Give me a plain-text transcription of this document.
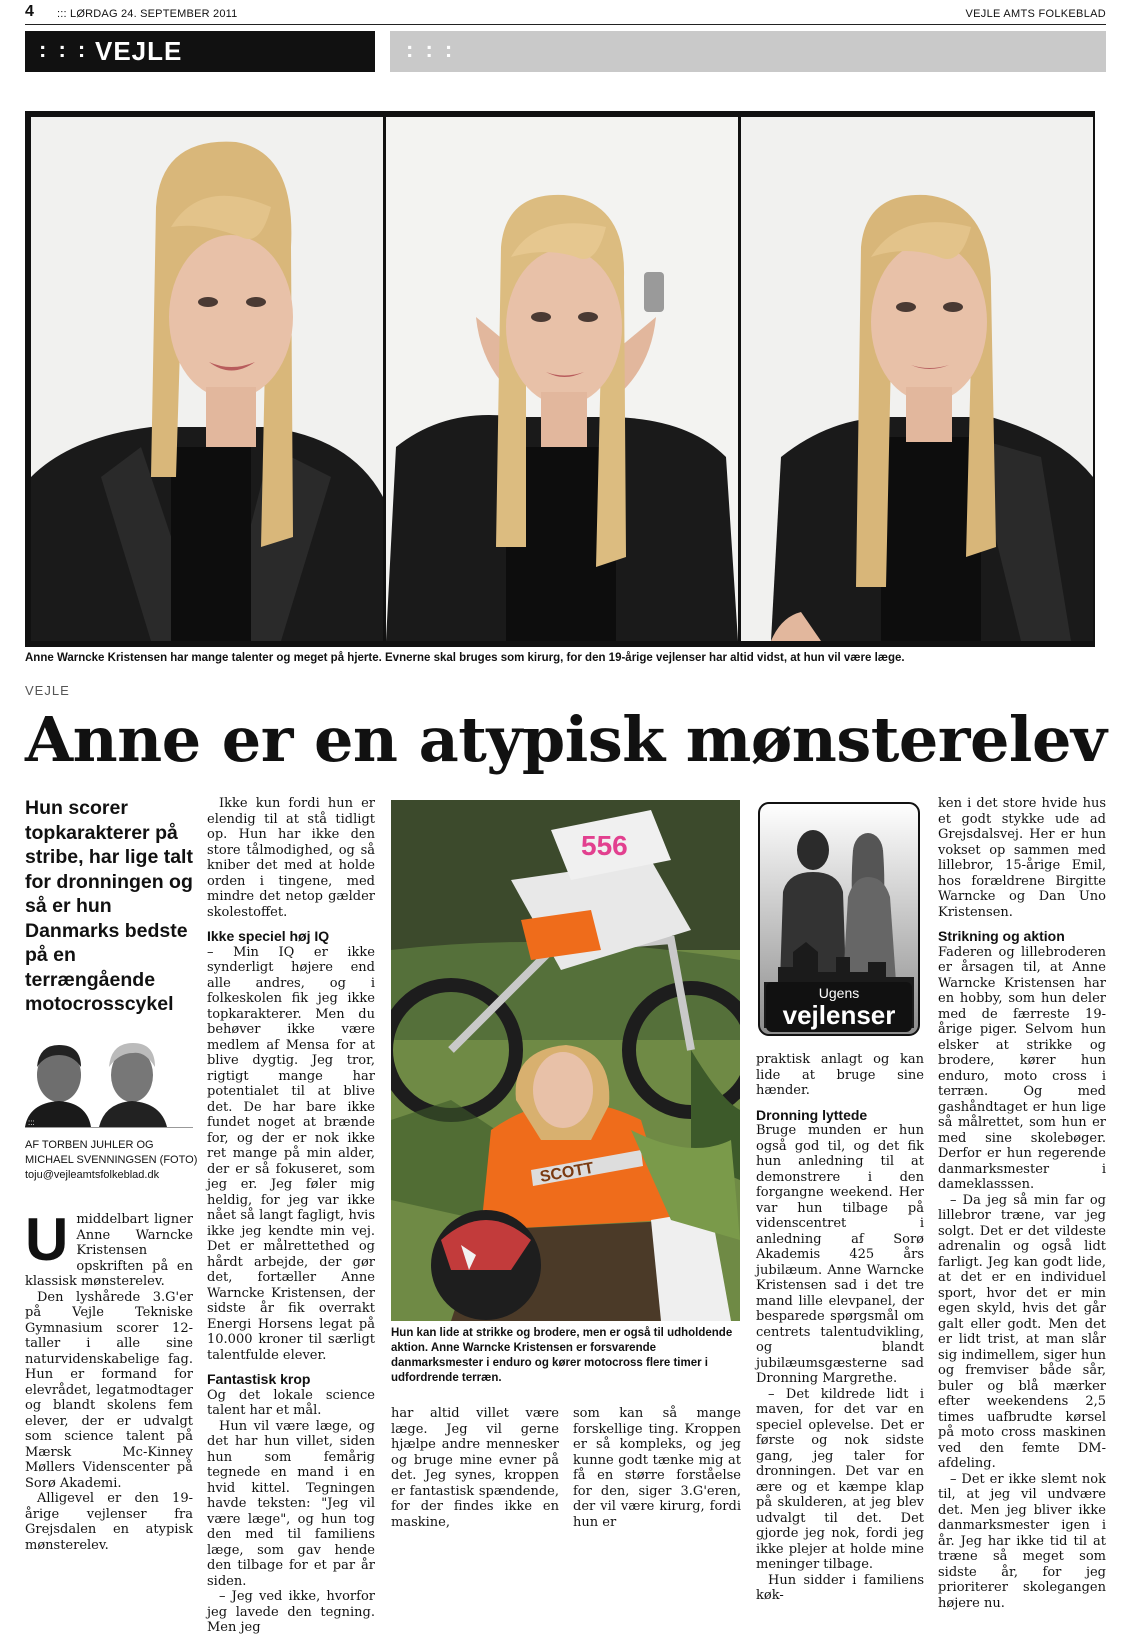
4 ::: LØRDAG 24. SEPTEMBER 2011	VEJLE AMTS FOLKEBLAD
: : : VEJLE	: : :
Anne Warncke Kristensen har mange talenter og meget på hjerte. Evnerne skal bruges som kirurg, for den 19-årige vejlenser har altid vidst, at hun vil være læge.
VEJLE
Anne er en atypisk mønsterelev
Hun scorer topkarakterer på stribe, har lige talt for dronningen og så er hun Danmarks bedste på en terrængående motocrosscykel
:::
AF TORBEN JUHLER OG
MICHAEL SVENNINGSEN (FOTO)
toju@vejleamtsfolkeblad.dk
U middelbart ligner Anne Warncke Kristensen opskriften på en klassisk mønsterelev.

Den lyshårede 3.G'er på Vejle Tekniske Gymnasium scorer 12-taller i alle sine naturvidenskabelige fag. Hun er formand for elevrådet, legatmodtager og blandt skolens fem elever, der er udvalgt som science talent på Mærsk Mc-Kinney Møllers Videnscenter på Sorø Akademi.

Alligevel er den 19-årige vejlenser fra Grejsdalen en atypisk mønsterelev.

Ikke kun fordi hun er elendig til at stå tidligt op. Hun har ikke den store tålmodighed, og så kniber det med at holde orden i tingene, med mindre det netop gælder skolestoffet.

Ikke speciel høj IQ

– Min IQ er ikke synderligt højere end alle andres, og i folkeskolen fik jeg ikke topkarakterer. Men du behøver ikke være medlem af Mensa for at blive dygtig. Jeg tror, rigtigt mange har potentialet til at blive det. De har bare ikke fundet noget at brænde for, og der er nok ikke ret mange på min alder, der er så fokuseret, som jeg er. Jeg føler mig heldig, for jeg var ikke nået så langt fagligt, hvis ikke jeg kendte min vej. Det er målrettethed og hårdt arbejde, der gør det, fortæller Anne Warncke Kristensen, der sidste år fik overrakt Energi Horsens legat på 10.000 kroner til særligt talentfulde elever.

Fantastisk krop

Og det lokale science talent har et mål.

Hun vil være læge, og det har hun villet, siden hun som femårig tegnede en mand i en hvid kittel. Tegningen havde teksten: "Jeg vil være læge", og hun tog den med til familiens læge, som gav hende den tilbage for et par år siden.

– Jeg ved ikke, hvorfor jeg lavede den tegning. Men jeg

556
SCOTT
Hun kan lide at strikke og brodere, men er også til udholdende aktion. Anne Warncke Kristensen er forsvarende danmarksmester i enduro og kører motocross flere timer i udfordrende terræn.

har altid villet være læge. Jeg vil gerne hjælpe andre mennesker og bruge mine evner på det. Jeg synes, kroppen er fantastisk spændende, for der findes ikke en maskine,

som kan så mange forskellige ting. Kroppen er så kompleks, og jeg kunne godt tænke mig at få en større forståelse for den, siger 3.G'eren, der vil være kirurg, fordi hun er

Ugens
vejlenser

praktisk anlagt og kan lide at bruge sine hænder.

Dronning lyttede

Bruge munden er hun også god til, og det fik hun anledning til at demonstrere i den forgangne weekend. Her var hun tilbage på videnscentret i anledning af Sorø Akademis 425 års jubilæum. Anne Warncke Kristensen sad i det tre mand lille elevpanel, der besparede spørgsmål om centrets talentudvikling, og blandt jubilæumsgæsterne sad Dronning Margrethe.

– Det kildrede lidt i maven, for det var en speciel oplevelse. Det er første og nok sidste gang, jeg taler for dronningen. Det var en ære og et kæmpe klap på skulderen, at jeg blev udvalgt til det. Det gjorde jeg nok, fordi jeg ikke plejer at holde mine meninger tilbage.

Hun sidder i familiens køk-

ken i det store hvide hus et godt stykke ude ad Grejsdalsvej. Her er hun vokset op sammen med lillebror, 15-årige Emil, hos forældrene Birgitte Warncke og Dan Uno Kristensen.

Strikning og aktion

Faderen og lillebroderen er årsagen til, at Anne Warncke Kristensen har en hobby, som hun deler med de færreste 19-årige piger. Selvom hun elsker at strikke og brodere, kører hun enduro, moto cross i terræn. Og med gashåndtaget er hun lige så målrettet, som hun er med sine skolebøger. Derfor er hun regerende danmarksmester i dameklasssen.

– Da jeg så min far og lillebror træne, var jeg solgt. Det er det vildeste adrenalin og også lidt farligt. Jeg kan godt lide, at det er en individuel sport, hvor det er min egen skyld, hvis det går galt eller godt. Men det er lidt trist, at man slår sig indimellem, siger hun og fremviser både sår, buler og blå mærker efter weekendens 2,5 times uafbrudte kørsel på moto cross maskinen ved den femte DM-afdeling.

– Det er ikke slemt nok til, at jeg vil undvære det. Men jeg bliver ikke danmarksmester igen i år. Jeg har ikke tid til at træne så meget som sidste år, for jeg prioriterer skolegangen højere nu.
